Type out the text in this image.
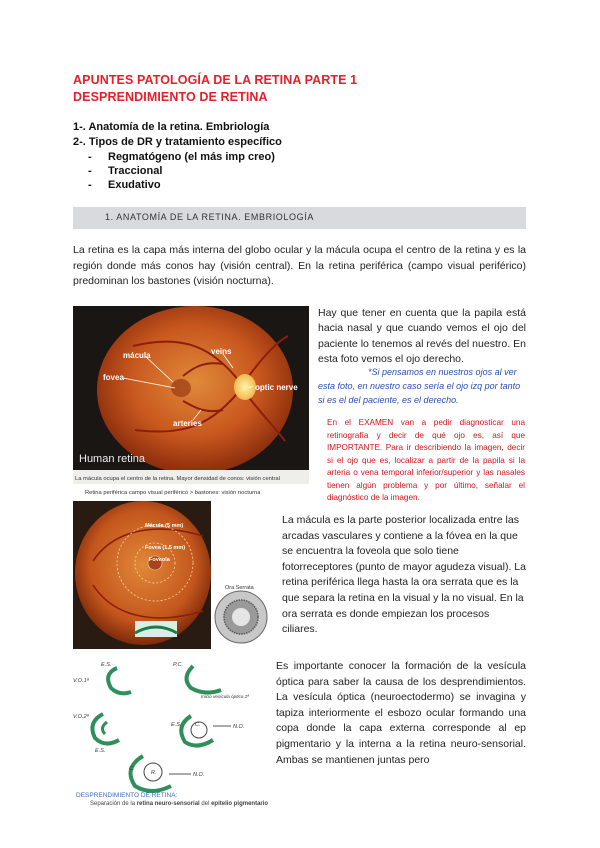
APUNTES PATOLOGÍA DE LA RETINA PARTE 1
DESPRENDIMIENTO DE RETINA
1-. Anatomía de la retina. Embriología
2-. Tipos de DR y tratamiento específico
- Regmatógeno (el más imp creo)
- Traccional
- Exudativo
1. ANATOMÍA DE LA RETINA. EMBRIOLOGÍA
La retina es la capa más interna del globo ocular y la mácula ocupa el centro de la retina y es la región donde más conos hay (visión central). En la retina periférica (campo visual periférico) predominan los bastones (visión nocturna).
mácula
fovea
veins
optic nerve
arteries
Human retina
La mácula ocupa el centro de la retina. Mayor densidad de conos: visión central
Retina periférica campo visual periférico > bastones: visión nocturna
Hay que tener en cuenta que la papila está hacia nasal y que cuando vemos el ojo del paciente lo tenemos al revés del nuestro. En esta foto vemos el ojo derecho.
*Si pensamos en nuestros ojos al ver esta foto, en nuestro caso sería el ojo izq por tanto si es el del paciente, es el derecho.
En el EXAMEN van a pedir diagnosticar una retinografía y decir de qué ojo es, así que IMPORTANTE. Para ir describiendo la imagen, decir si el ojo que es, localizar a partir de la papila si la arteria o vena temporal inferior/superior y las nasales tienen algún problema y por último, señalar el diagnóstico de la imagen.
Mácula (5 mm)
Fovea (1.5 mm)
Foveola
Ora Serrata
La mácula es la parte posterior localizada entre las arcadas vasculares y contiene a la fóvea en la que se encuentra la foveola que solo tiene fotorreceptores (punto de mayor agudeza visual). La retina periférica llega hasta la ora serrata que es la que separa la retina en la visual y la no visual. En la ora serrata es donde empiezan los procesos ciliares.
E.S.
V.O.1ª
P.C.
Inicio vesícula óptica 2ª
V.O.2ª
E.S.
N.O.
E.S. C.
R.	N.O.
C.
DESPRENDIMIENTO DE RETINA:
Separación de la retina neuro-sensorial del epitelio pigmentario
Es importante conocer la formación de la vesícula óptica para saber la causa de los desprendimientos. La vesícula óptica (neuroectodermo) se invagina y tapiza interiormente el esbozo ocular formando una copa donde la capa externa corresponde al ep pigmentario y la interna a la retina neuro-sensorial. Ambas se mantienen juntas pero
